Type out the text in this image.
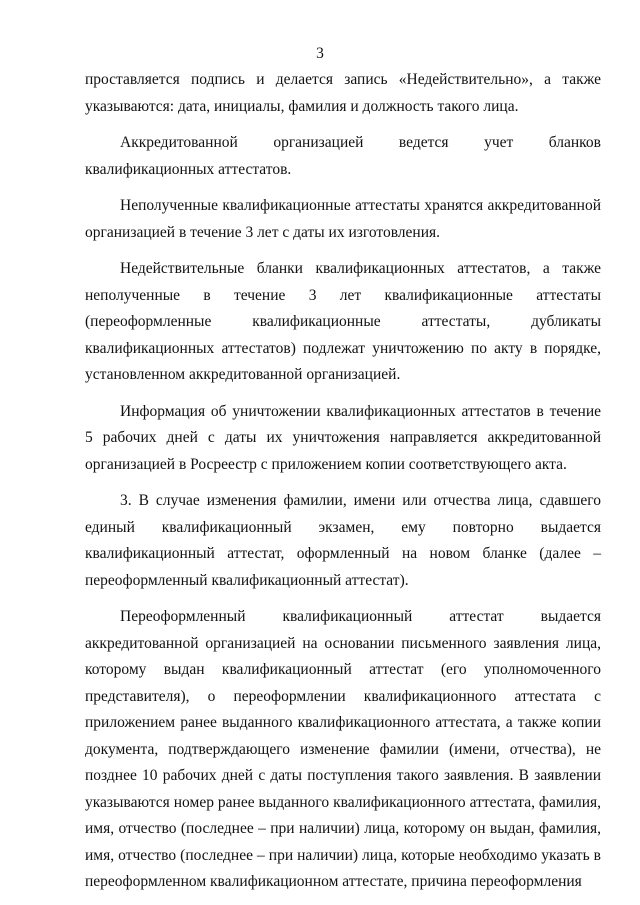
3

проставляется подпись и делается запись «Недействительно», а также указываются: дата, инициалы, фамилия и должность такого лица.

Аккредитованной организацией ведется учет бланков квалификационных аттестатов.

Неполученные квалификационные аттестаты хранятся аккредитованной организацией в течение 3 лет с даты их изготовления.

Недействительные бланки квалификационных аттестатов, а также неполученные в течение 3 лет квалификационные аттестаты (переоформленные квалификационные аттестаты, дубликаты квалификационных аттестатов) подлежат уничтожению по акту в порядке, установленном аккредитованной организацией.

Информация об уничтожении квалификационных аттестатов в течение 5 рабочих дней с даты их уничтожения направляется аккредитованной организацией в Росреестр с приложением копии соответствующего акта.

3. В случае изменения фамилии, имени или отчества лица, сдавшего единый квалификационный экзамен, ему повторно выдается квалификационный аттестат, оформленный на новом бланке (далее – переоформленный квалификационный аттестат).

Переоформленный квалификационный аттестат выдается аккредитованной организацией на основании письменного заявления лица, которому выдан квалификационный аттестат (его уполномоченного представителя), о переоформлении квалификационного аттестата с приложением ранее выданного квалификационного аттестата, а также копии документа, подтверждающего изменение фамилии (имени, отчества), не позднее 10 рабочих дней с даты поступления такого заявления. В заявлении указываются номер ранее выданного квалификационного аттестата, фамилия, имя, отчество (последнее – при наличии) лица, которому он выдан, фамилия, имя, отчество (последнее – при наличии) лица, которые необходимо указать в переоформленном квалификационном аттестате, причина переоформления
